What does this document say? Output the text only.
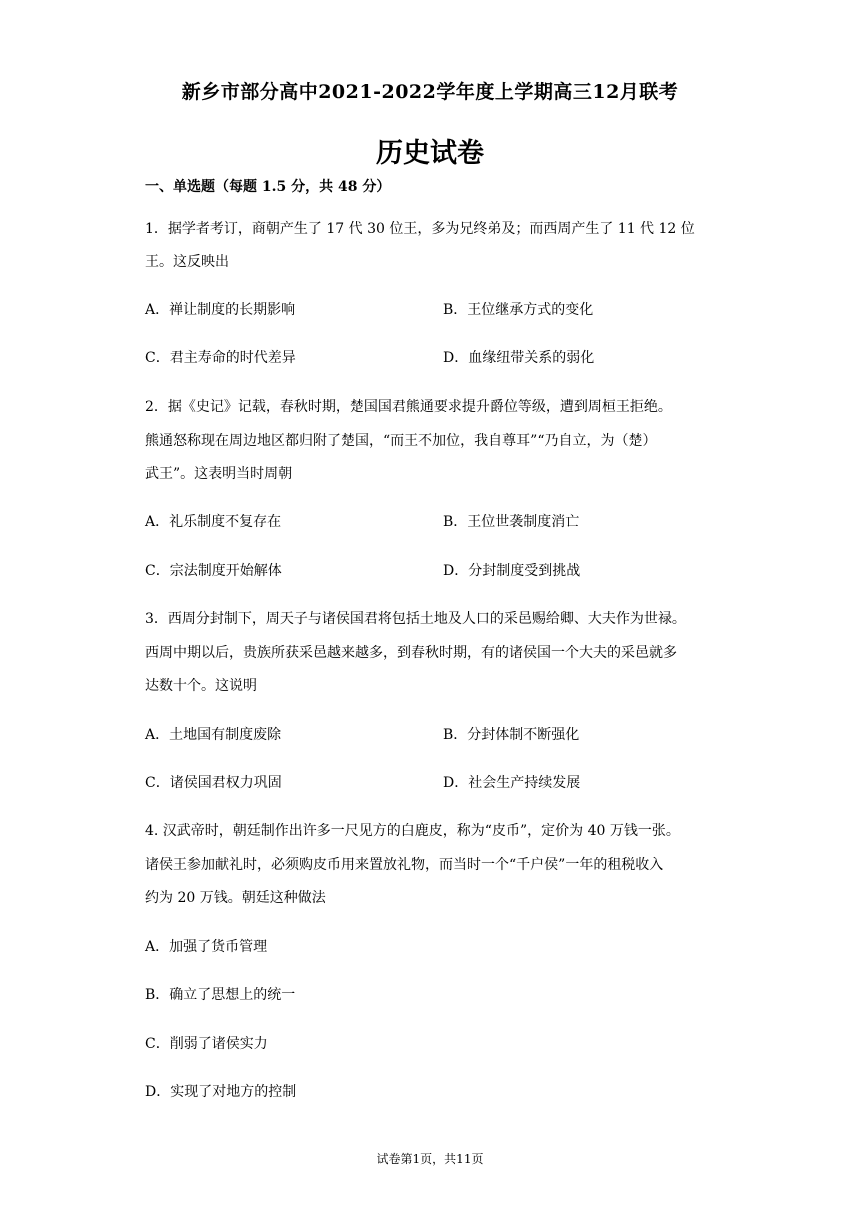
新乡市部分高中2021-2022学年度上学期高三12月联考
历史试卷
一、单选题（每题 1.5 分，共 48 分）
1．据学者考订，商朝产生了 17 代 30 位王，多为兄终弟及；而西周产生了 11 代 12 位
王。这反映出
A．禅让制度的长期影响	B．王位继承方式的变化
C．君主寿命的时代差异	D．血缘纽带关系的弱化
2．据《史记》记载，春秋时期，楚国国君熊通要求提升爵位等级，遭到周桓王拒绝。
熊通怒称现在周边地区都归附了楚国，“而王不加位，我自尊耳”“乃自立，为（楚）
武王”。这表明当时周朝
A．礼乐制度不复存在	B．王位世袭制度消亡
C．宗法制度开始解体	D．分封制度受到挑战
3．西周分封制下，周天子与诸侯国君将包括土地及人口的采邑赐给卿、大夫作为世禄。
西周中期以后，贵族所获采邑越来越多，到春秋时期，有的诸侯国一个大夫的采邑就多
达数十个。这说明
A．土地国有制度废除	B．分封体制不断强化
C．诸侯国君权力巩固	D．社会生产持续发展
4. 汉武帝时，朝廷制作出许多一尺见方的白鹿皮，称为“皮币”，定价为 40 万钱一张。
诸侯王参加献礼时，必须购皮币用来置放礼物，而当时一个“千户侯”一年的租税收入
约为 20 万钱。朝廷这种做法
A．加强了货币管理
B．确立了思想上的统一
C．削弱了诸侯实力
D．实现了对地方的控制
试卷第1页，共11页
